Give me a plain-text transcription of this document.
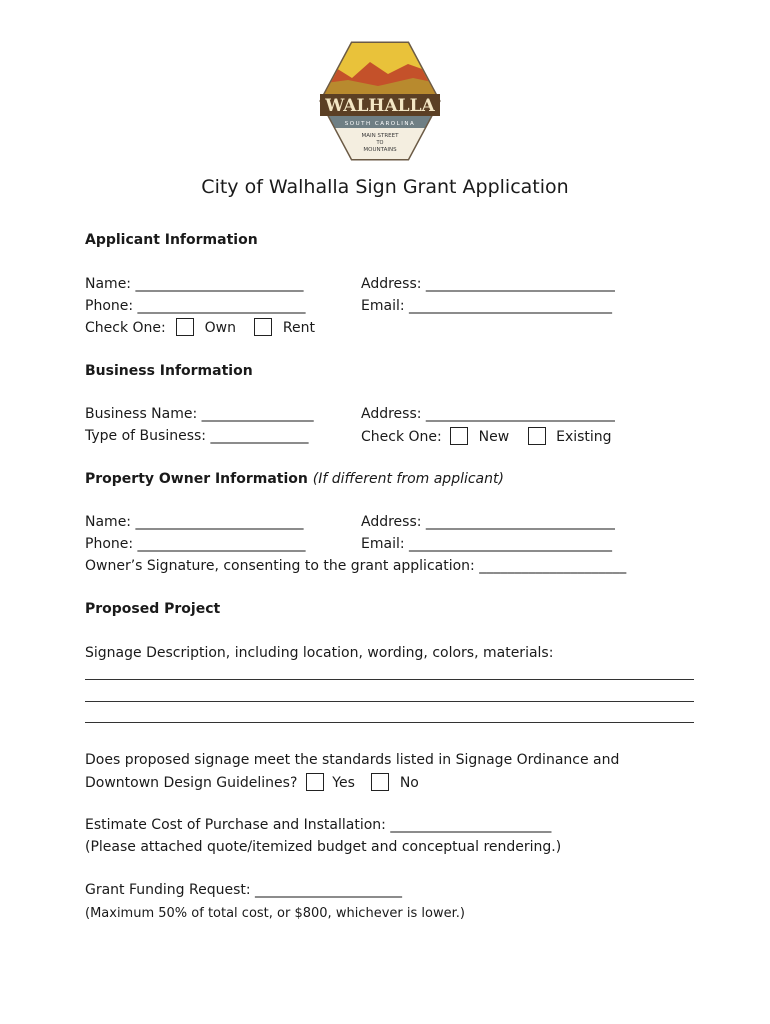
WALHALLA
SOUTH CAROLINA
MAIN STREET
TO
MOUNTAINS
City of Walhalla Sign Grant Application
Applicant Information
Name: ________________________	Address: ___________________________
Phone: ________________________	Email: _____________________________
Check One:	Own	Rent
Business Information
Business Name: ________________	Address: ___________________________
Type of Business: ______________	Check One:	New	Existing
Property Owner Information (If different from applicant)
Name: ________________________	Address: ___________________________
Phone: ________________________	Email: _____________________________
Owner’s Signature, consenting to the grant application: _____________________
Proposed Project
Signage Description, including location, wording, colors, materials:
Does proposed signage meet the standards listed in Signage Ordinance and
Downtown Design Guidelines? Yes	No
Estimate Cost of Purchase and Installation: _______________________
(Please attached quote/itemized budget and conceptual rendering.)
Grant Funding Request: _____________________
(Maximum 50% of total cost, or $800, whichever is lower.)
